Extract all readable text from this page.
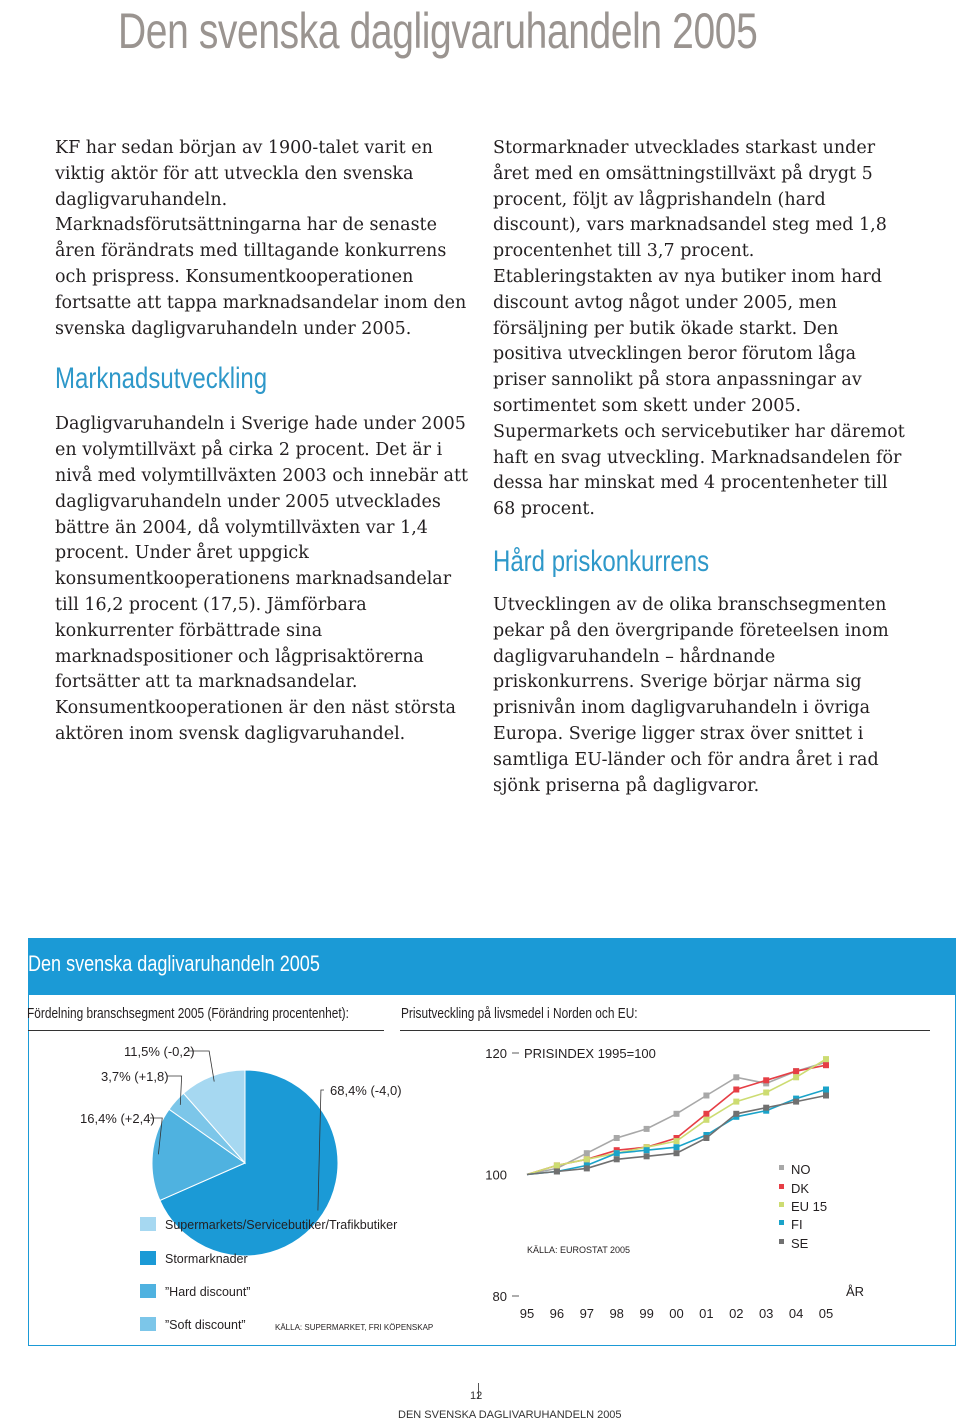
Den svenska dagligvaruhandeln 2005

KF har sedan början av 1900-talet varit en viktig aktör för att utveckla den svenska dagligvaruhandeln. Marknadsförutsättningarna har de senaste åren förändrats med tilltagande konkurrens och prispress. Konsumentkooperationen fortsatte att tappa marknadsandelar inom den svenska dagligvaruhandeln under 2005.

Marknadsutveckling

Dagligvaruhandeln i Sverige hade under 2005 en volymtillväxt på cirka 2 procent. Det är i nivå med volymtillväxten 2003 och innebär att dagligvaruhandeln under 2005 utvecklades bättre än 2004, då volymtillväxten var 1,4 procent. Under året uppgick konsumentkooperationens marknadsandelar till 16,2 procent (17,5). Jämförbara konkurrenter förbättrade sina marknadspositioner och lågprisaktörerna fortsätter att ta marknadsandelar. Konsumentkooperationen är den näst största aktören inom svensk dagligvaruhandel.

Stormarknader utvecklades starkast under året med en omsättningstillväxt på drygt 5 procent, följt av lågprishandeln (hard discount), vars marknadsandel steg med 1,8 procentenhet till 3,7 procent. Etableringstakten av nya butiker inom hard discount avtog något under 2005, men försäljning per butik ökade starkt. Den positiva utvecklingen beror förutom låga priser sannolikt på stora anpassningar av sortimentet som skett under 2005. Supermarkets och servicebutiker har däremot haft en svag utveckling. Marknadsandelen för dessa har minskat med 4 procentenheter till 68 procent.

Hård priskonkurrens

Utvecklingen av de olika branschsegmenten pekar på den övergripande företeelsen inom dagligvaruhandeln – hårdnande priskonkurrens. Sverige börjar närma sig prisnivån inom dagligvaruhandeln i övriga Europa. Sverige ligger strax över snittet i samtliga EU-länder och för andra året i rad sjönk priserna på dagligvaror.

Den svenska daglivaruhandeln 2005
Fördelning branschsegment 2005 (Förändring procentenhet):	Prisutveckling på livsmedel i Norden och EU:
68,4% (-4,0)
16,4% (+2,4)
3,7% (+1,8)
11,5% (-0,2)
Supermarkets/Servicebutiker/Trafikbutiker
Stormarknader
”Hard discount”
”Soft discount”	KÄLLA: SUPERMARKET, FRI KÖPENSKAP
80
100
120 PRISINDEX 1995=100
95 96 97 98 99 00 01 02 03 04 05
ÅR
KÄLLA: EUROSTAT 2005
NO
DK
EU 15
FI
SE
12
DEN SVENSKA DAGLIVARUHANDELN 2005
